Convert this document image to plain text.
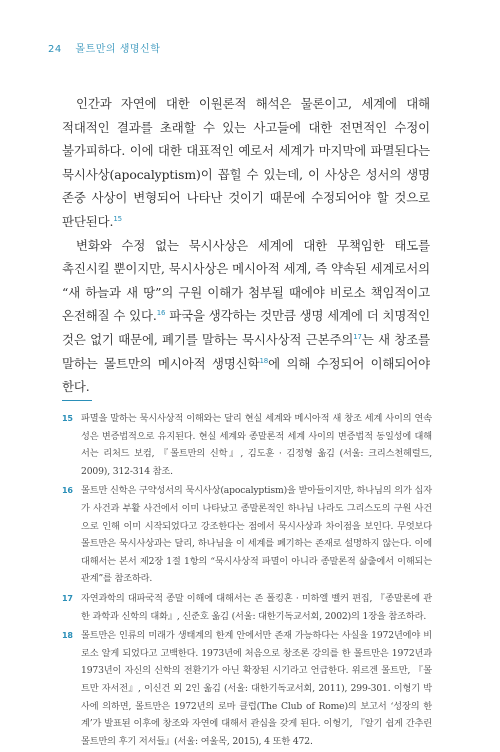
24 몰트만의 생명신학

인간과 자연에 대한 이원론적 해석은 물론이고, 세계에 대해 적대적인 결과를 초래할 수 있는 사고들에 대한 전면적인 수정이 불가피하다. 이에 대한 대표적인 예로서 세계가 마지막에 파멸된다는 묵시사상(apocalyptism)이 꼽힐 수 있는데, 이 사상은 성서의 생명 존중 사상이 변형되어 나타난 것이기 때문에 수정되어야 할 것으로 판단된다.$^{15}$

변화와 수정 없는 묵시사상은 세계에 대한 무책임한 태도를 촉진시킬 뿐이지만, 묵시사상은 메시아적 세계, 즉 약속된 세계로서의 “새 하늘과 새 땅”의 구원 이해가 첨부될 때에야 비로소 책임적이고 온전해질 수 있다.$^{16}$ 파국을 생각하는 것만큼 생명 세계에 더 치명적인 것은 없기 때문에, 폐기를 말하는 묵시사상적 근본주의$^{17}$는 새 창조를 말하는 몰트만의 메시아적 생명신학$^{18}$에 의해 수정되어 이해되어야 한다.

15 파멸을 말하는 묵시사상적 이해와는 달리 현실 세계와 메시아적 새 창조 세계 사이의 연속성은 변증법적으로 유지된다. 현실 세계와 종말론적 세계 사이의 변증법적 동일성에 대해서는 리처드 보컴, 『몰트만의 신학』, 김도훈 · 김정형 옮김 (서울: 크리스천헤럴드, 2009), 312-314 참조.
16 몰트만 신학은 구약성서의 묵시사상(apocalyptism)을 받아들이지만, 하나님의 의가 십자가 사건과 부활 사건에서 이미 나타났고 종말론적인 하나님 나라도 그리스도의 구원 사건으로 인해 이미 시작되었다고 강조한다는 점에서 묵시사상과 차이점을 보인다. 무엇보다 몰트만은 묵시사상과는 달리, 하나님을 이 세계를 폐기하는 존재로 설명하지 않는다. 이에 대해서는 본서 제2장 1절 1항의 “묵시사상적 파멸이 아니라 종말론적 삶출에서 이해되는 관계”를 참조하라.
17 자연과학의 대파국적 종말 이해에 대해서는 존 폴킹혼 · 미하엘 벨커 편집, 『종말론에 관한 과학과 신학의 대화』, 신준호 옮김 (서울: 대한기독교서회, 2002)의 1장을 참조하라.
18 몰트만은 인류의 미래가 생태계의 한계 안에서만 존재 가능하다는 사실을 1972년에야 비로소 알게 되었다고 고백한다. 1973년에 처음으로 창조론 강의를 한 몰트만은 1972년과 1973년이 자신의 신학의 전환기가 아닌 확장된 시기라고 언급한다. 위르겐 몰트만, 『몰트만 자서전』, 이신건 외 2인 옮김 (서울: 대한기독교서회, 2011), 299-301. 이형기 박사에 의하면, 몰트만은 1972년의 로마 클럽(The Club of Rome)의 보고서 ‘성장의 한계’가 발표된 이후에 창조와 자연에 대해서 관심을 갖게 된다. 이형기, 『알기 쉽게 간추린 몰트만의 후기 저서들』(서울: 여울목, 2015), 4 또한 472.
